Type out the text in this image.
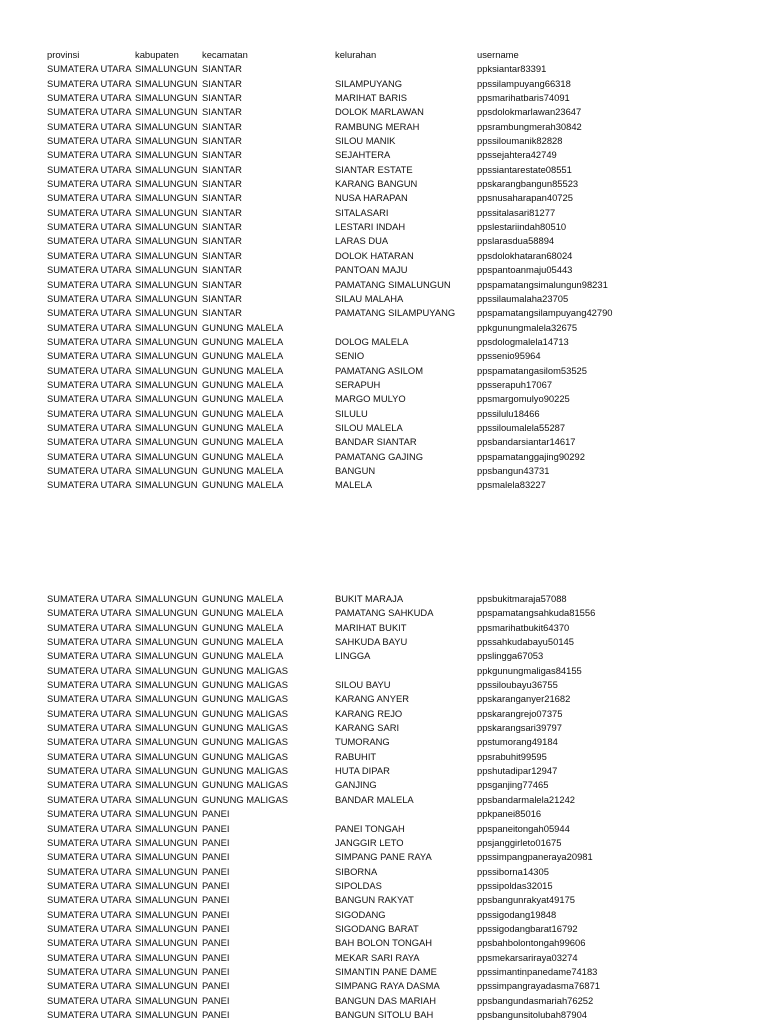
provinsi	kabupaten	kecamatan	kelurahan	username
SUMATERA UTARA SIMALUNGUN SIANTAR	ppksiantar83391
SUMATERA UTARA SIMALUNGUN SIANTAR	SILAMPUYANG	ppssilampuyang66318
SUMATERA UTARA SIMALUNGUN SIANTAR	MARIHAT BARIS	ppsmarihatbaris74091
SUMATERA UTARA SIMALUNGUN SIANTAR	DOLOK MARLAWAN	ppsdolokmarlawan23647
SUMATERA UTARA SIMALUNGUN SIANTAR	RAMBUNG MERAH	ppsrambungmerah30842
SUMATERA UTARA SIMALUNGUN SIANTAR	SILOU MANIK	ppssiloumanik82828
SUMATERA UTARA SIMALUNGUN SIANTAR	SEJAHTERA	ppssejahtera42749
SUMATERA UTARA SIMALUNGUN SIANTAR	SIANTAR ESTATE	ppssiantarestate08551
SUMATERA UTARA SIMALUNGUN SIANTAR	KARANG BANGUN	ppskarangbangun85523
SUMATERA UTARA SIMALUNGUN SIANTAR	NUSA HARAPAN	ppsnusaharapan40725
SUMATERA UTARA SIMALUNGUN SIANTAR	SITALASARI	ppssitalasari81277
SUMATERA UTARA SIMALUNGUN SIANTAR	LESTARI INDAH	ppslestariindah80510
SUMATERA UTARA SIMALUNGUN SIANTAR	LARAS DUA	ppslarasdua58894
SUMATERA UTARA SIMALUNGUN SIANTAR	DOLOK HATARAN	ppsdolokhataran68024
SUMATERA UTARA SIMALUNGUN SIANTAR	PANTOAN MAJU	ppspantoanmaju05443
SUMATERA UTARA SIMALUNGUN SIANTAR	PAMATANG SIMALUNGUN	ppspamatangsimalungun98231
SUMATERA UTARA SIMALUNGUN SIANTAR	SILAU MALAHA	ppssilaumalaha23705
SUMATERA UTARA SIMALUNGUN SIANTAR	PAMATANG SILAMPUYANG	ppspamatangsilampuyang42790
SUMATERA UTARA SIMALUNGUN GUNUNG MALELA	ppkgunungmalela32675
SUMATERA UTARA SIMALUNGUN GUNUNG MALELA	DOLOG MALELA	ppsdologmalela14713
SUMATERA UTARA SIMALUNGUN GUNUNG MALELA	SENIO	ppssenio95964
SUMATERA UTARA SIMALUNGUN GUNUNG MALELA	PAMATANG ASILOM	ppspamatangasilom53525
SUMATERA UTARA SIMALUNGUN GUNUNG MALELA	SERAPUH	ppsserapuh17067
SUMATERA UTARA SIMALUNGUN GUNUNG MALELA	MARGO MULYO	ppsmargomulyo90225
SUMATERA UTARA SIMALUNGUN GUNUNG MALELA	SILULU	ppssilulu18466
SUMATERA UTARA SIMALUNGUN GUNUNG MALELA	SILOU MALELA	ppssiloumalela55287
SUMATERA UTARA SIMALUNGUN GUNUNG MALELA	BANDAR SIANTAR	ppsbandarsiantar14617
SUMATERA UTARA SIMALUNGUN GUNUNG MALELA	PAMATANG GAJING	ppspamatanggajing90292
SUMATERA UTARA SIMALUNGUN GUNUNG MALELA	BANGUN	ppsbangun43731
SUMATERA UTARA SIMALUNGUN GUNUNG MALELA	MALELA	ppsmalela83227
SUMATERA UTARA SIMALUNGUN GUNUNG MALELA	BUKIT MARAJA	ppsbukitmaraja57088
SUMATERA UTARA SIMALUNGUN GUNUNG MALELA	PAMATANG SAHKUDA	ppspamatangsahkuda81556
SUMATERA UTARA SIMALUNGUN GUNUNG MALELA	MARIHAT BUKIT	ppsmarihatbukit64370
SUMATERA UTARA SIMALUNGUN GUNUNG MALELA	SAHKUDA BAYU	ppssahkudabayu50145
SUMATERA UTARA SIMALUNGUN GUNUNG MALELA	LINGGA	ppslingga67053
SUMATERA UTARA SIMALUNGUN GUNUNG MALIGAS	ppkgunungmaligas84155
SUMATERA UTARA SIMALUNGUN GUNUNG MALIGAS	SILOU BAYU	ppssiloubayu36755
SUMATERA UTARA SIMALUNGUN GUNUNG MALIGAS	KARANG ANYER	ppskaranganyer21682
SUMATERA UTARA SIMALUNGUN GUNUNG MALIGAS	KARANG REJO	ppskarangrejo07375
SUMATERA UTARA SIMALUNGUN GUNUNG MALIGAS	KARANG SARI	ppskarangsari39797
SUMATERA UTARA SIMALUNGUN GUNUNG MALIGAS	TUMORANG	ppstumorang49184
SUMATERA UTARA SIMALUNGUN GUNUNG MALIGAS	RABUHIT	ppsrabuhit99595
SUMATERA UTARA SIMALUNGUN GUNUNG MALIGAS	HUTA DIPAR	ppshutadipar12947
SUMATERA UTARA SIMALUNGUN GUNUNG MALIGAS	GANJING	ppsganjing77465
SUMATERA UTARA SIMALUNGUN GUNUNG MALIGAS	BANDAR MALELA	ppsbandarmalela21242
SUMATERA UTARA SIMALUNGUN PANEI	ppkpanei85016
SUMATERA UTARA SIMALUNGUN PANEI	PANEI TONGAH	ppspaneitongah05944
SUMATERA UTARA SIMALUNGUN PANEI	JANGGIR LETO	ppsjanggirleto01675
SUMATERA UTARA SIMALUNGUN PANEI	SIMPANG PANE RAYA	ppssimpangpaneraya20981
SUMATERA UTARA SIMALUNGUN PANEI	SIBORNA	ppssiborna14305
SUMATERA UTARA SIMALUNGUN PANEI	SIPOLDAS	ppssipoldas32015
SUMATERA UTARA SIMALUNGUN PANEI	BANGUN RAKYAT	ppsbangunrakyat49175
SUMATERA UTARA SIMALUNGUN PANEI	SIGODANG	ppssigodang19848
SUMATERA UTARA SIMALUNGUN PANEI	SIGODANG BARAT	ppssigodangbarat16792
SUMATERA UTARA SIMALUNGUN PANEI	BAH BOLON TONGAH	ppsbahbolontongah99606
SUMATERA UTARA SIMALUNGUN PANEI	MEKAR SARI RAYA	ppsmekarsariraya03274
SUMATERA UTARA SIMALUNGUN PANEI	SIMANTIN PANE DAME	ppssimantinpanedame74183
SUMATERA UTARA SIMALUNGUN PANEI	SIMPANG RAYA DASMA	ppssimpangrayadasma76871
SUMATERA UTARA SIMALUNGUN PANEI	BANGUN DAS MARIAH	ppsbangundasmariah76252
SUMATERA UTARA SIMALUNGUN PANEI	BANGUN SITOLU BAH	ppsbangunsitolubah87904
